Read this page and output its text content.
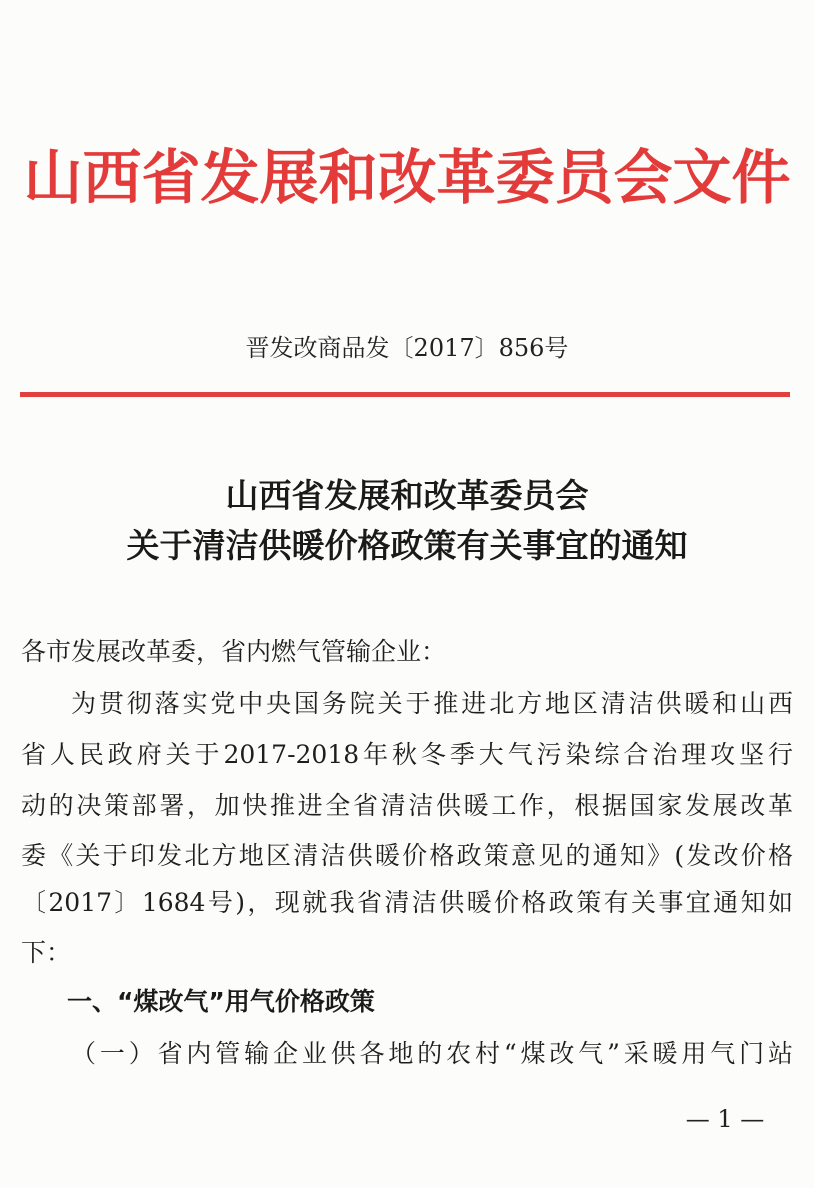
山西省发展和改革委员会文件
晋发改商品发〔2017〕856号
山西省发展和改革委员会
关于清洁供暖价格政策有关事宜的通知
各市发展改革委，省内燃气管输企业：
为贯彻落实党中央国务院关于推进北方地区清洁供暖和山西
省人民政府关于2017-2018年秋冬季大气污染综合治理攻坚行
动的决策部署，加快推进全省清洁供暖工作，根据国家发展改革
委《关于印发北方地区清洁供暖价格政策意见的通知》(发改价格
〔2017〕1684号)，现就我省清洁供暖价格政策有关事宜通知如
下：
一、“煤改气”用气价格政策
（一）省内管输企业供各地的农村“煤改气”采暖用气门站
— 1 —
